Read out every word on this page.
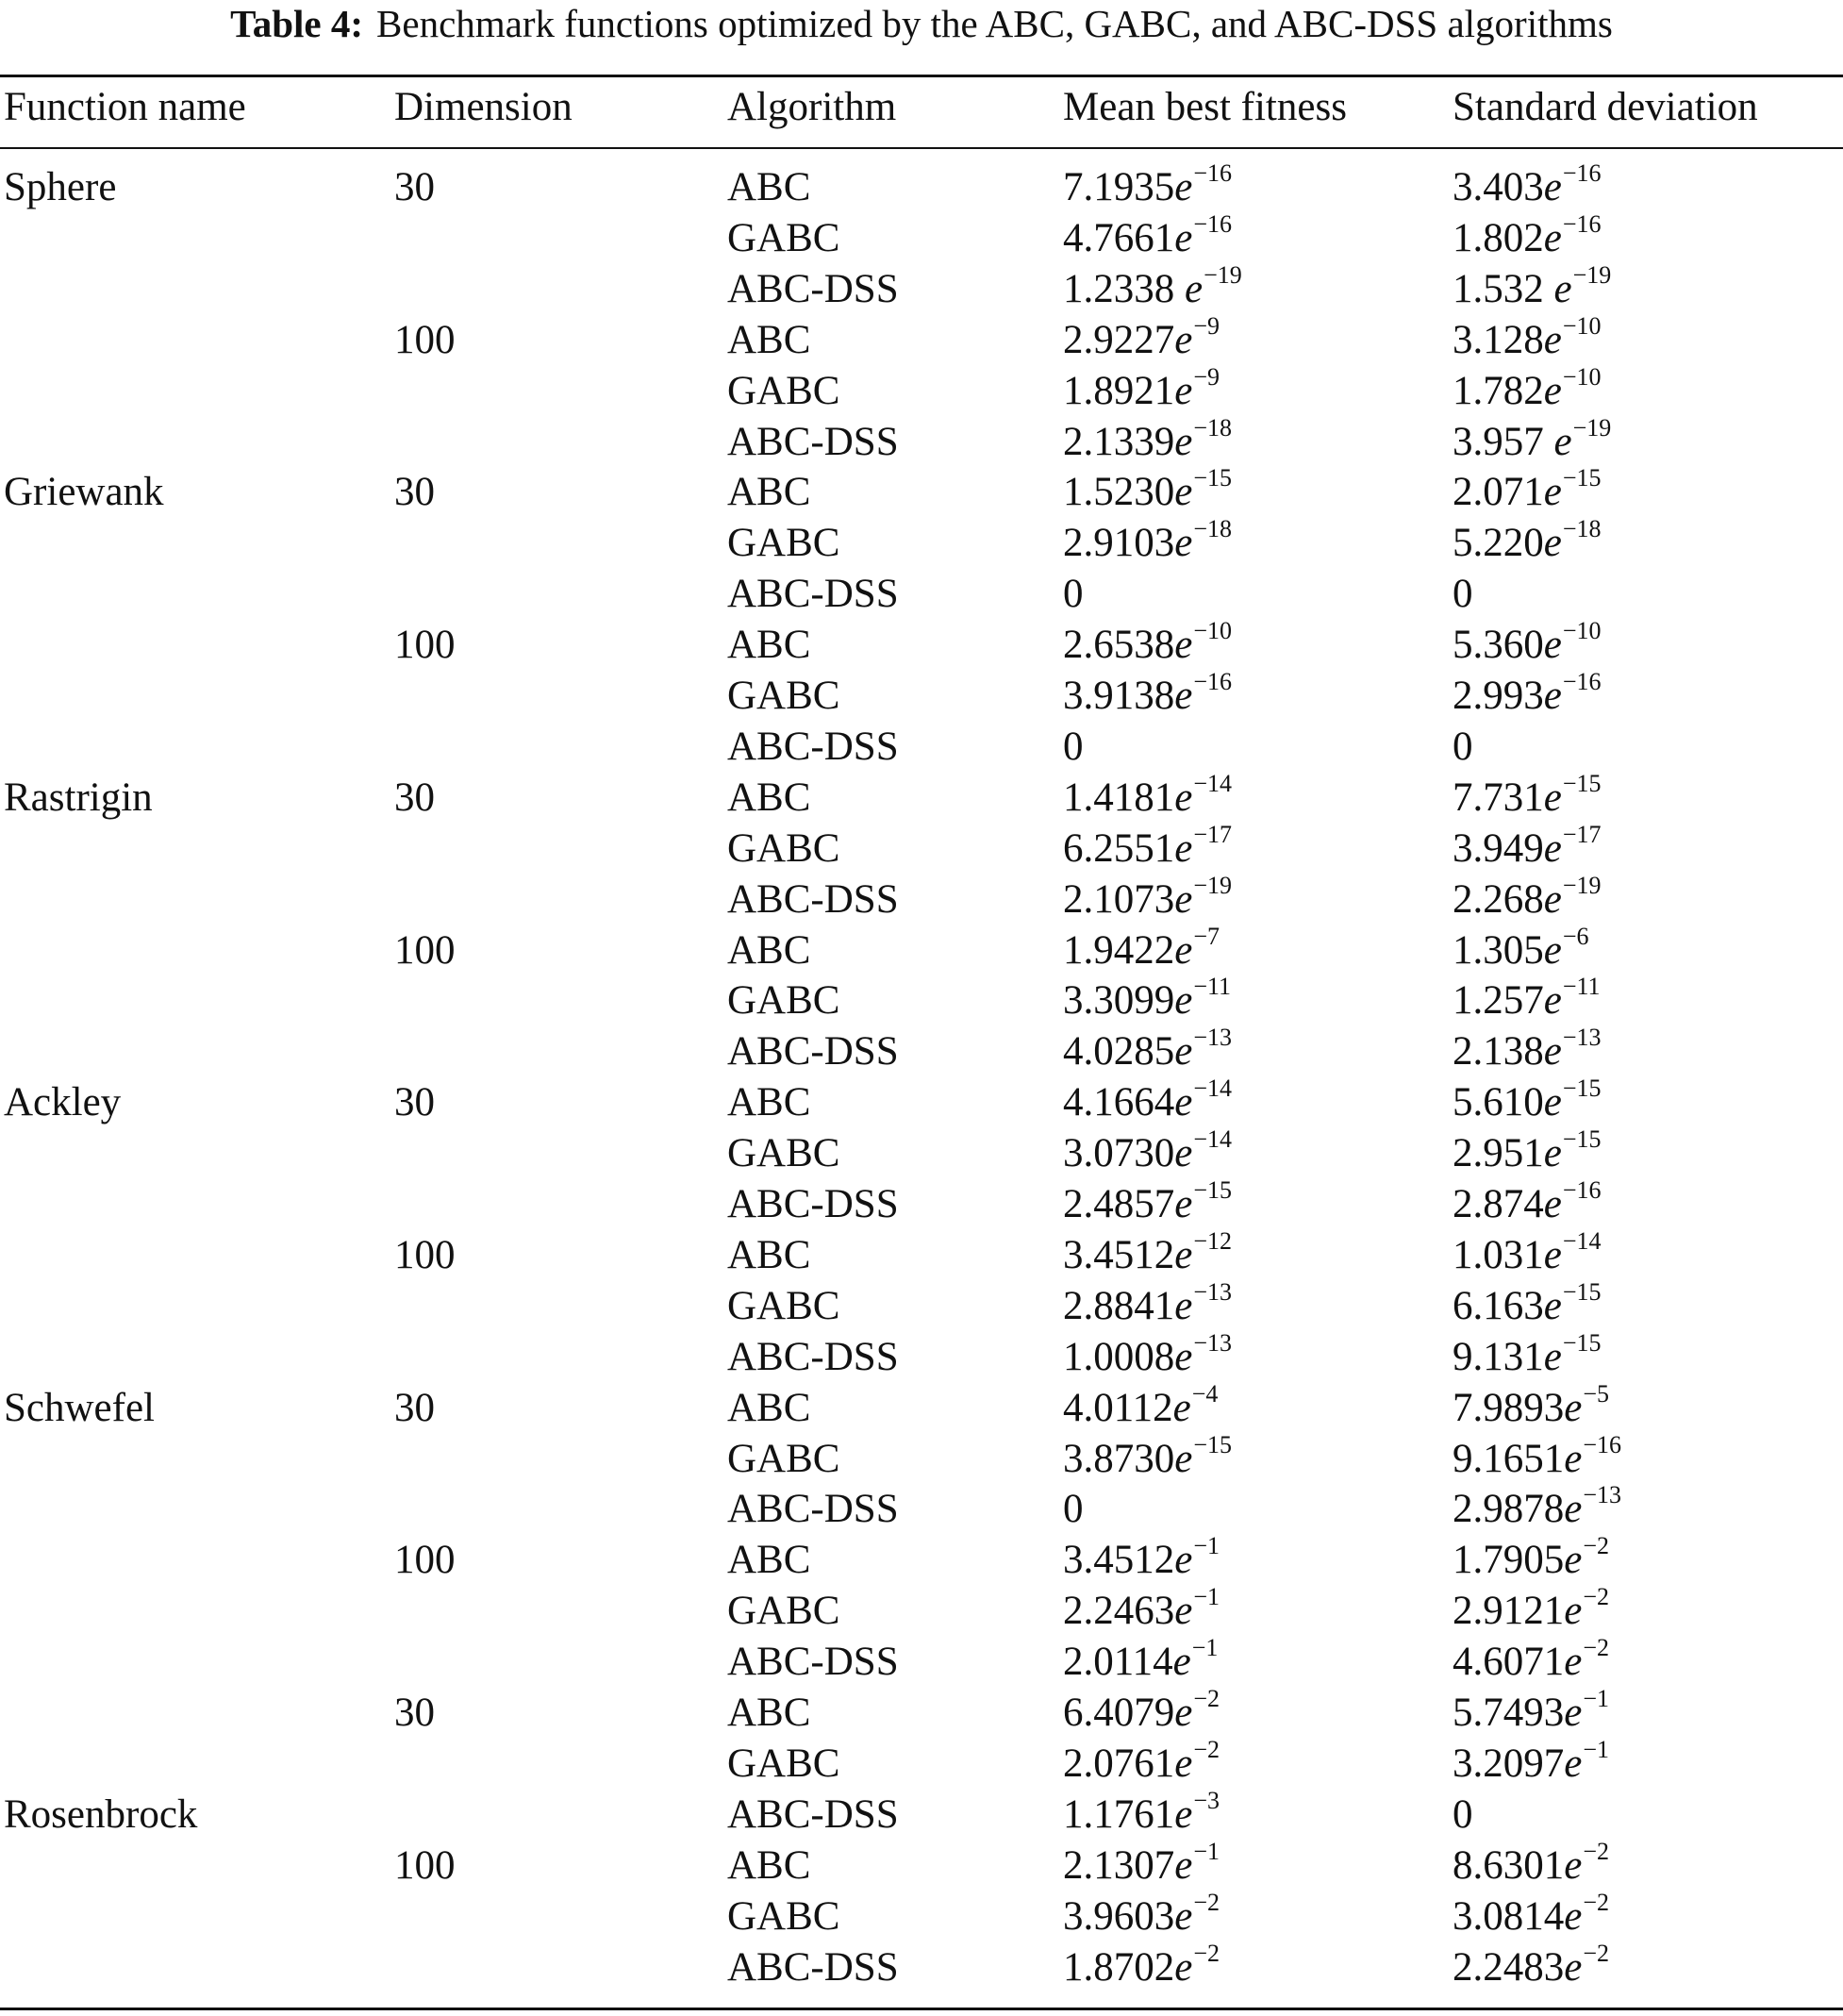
Table 4: Benchmark functions optimized by the ABC, GABC, and ABC-DSS algorithms
Function name	Dimension	Algorithm	Mean best fitness	Standard deviation
Sphere	30	ABC	$7.1935e^{-16}$	$3.403e^{-16}$
GABC	$4.7661e^{-16}$	$1.802e^{-16}$
ABC-DSS	1.2338 $e^{-19}$	1.532 $e^{-19}$
100	ABC	$2.9227e^{-9}$	$3.128e^{-10}$
GABC	$1.8921e^{-9}$	$1.782e^{-10}$
ABC-DSS	$2.1339e^{-18}$	3.957 $e^{-19}$
Griewank	30	ABC	$1.5230e^{-15}$	$2.071e^{-15}$
GABC	$2.9103e^{-18}$	$5.220e^{-18}$
ABC-DSS	0	0
100	ABC	$2.6538e^{-10}$	$5.360e^{-10}$
GABC	$3.9138e^{-16}$	$2.993e^{-16}$
ABC-DSS	0	0
Rastrigin	30	ABC	$1.4181e^{-14}$	$7.731e^{-15}$
GABC	$6.2551e^{-17}$	$3.949e^{-17}$
ABC-DSS	$2.1073e^{-19}$	$2.268e^{-19}$
100	ABC	$1.9422e^{-7}$	$1.305e^{-6}$
GABC	$3.3099e^{-11}$	$1.257e^{-11}$
ABC-DSS	$4.0285e^{-13}$	$2.138e^{-13}$
Ackley	30	ABC	$4.1664e^{-14}$	$5.610e^{-15}$
GABC	$3.0730e^{-14}$	$2.951e^{-15}$
ABC-DSS	$2.4857e^{-15}$	$2.874e^{-16}$
100	ABC	$3.4512e^{-12}$	$1.031e^{-14}$
GABC	$2.8841e^{-13}$	$6.163e^{-15}$
ABC-DSS	$1.0008e^{-13}$	$9.131e^{-15}$
Schwefel	30	ABC	$4.0112e^{-4}$	$7.9893e^{-5}$
GABC	$3.8730e^{-15}$	$9.1651e^{-16}$
ABC-DSS	0	$2.9878e^{-13}$
100	ABC	$3.4512e^{-1}$	$1.7905e^{-2}$
GABC	$2.2463e^{-1}$	$2.9121e^{-2}$
ABC-DSS	$2.0114e^{-1}$	$4.6071e^{-2}$
30	ABC	$6.4079e^{-2}$	$5.7493e^{-1}$
GABC	$2.0761e^{-2}$	$3.2097e^{-1}$
Rosenbrock	ABC-DSS	$1.1761e^{-3}$	0
100	ABC	$2.1307e^{-1}$	$8.6301e^{-2}$
GABC	$3.9603e^{-2}$	$3.0814e^{-2}$
ABC-DSS	$1.8702e^{-2}$	$2.2483e^{-2}$
